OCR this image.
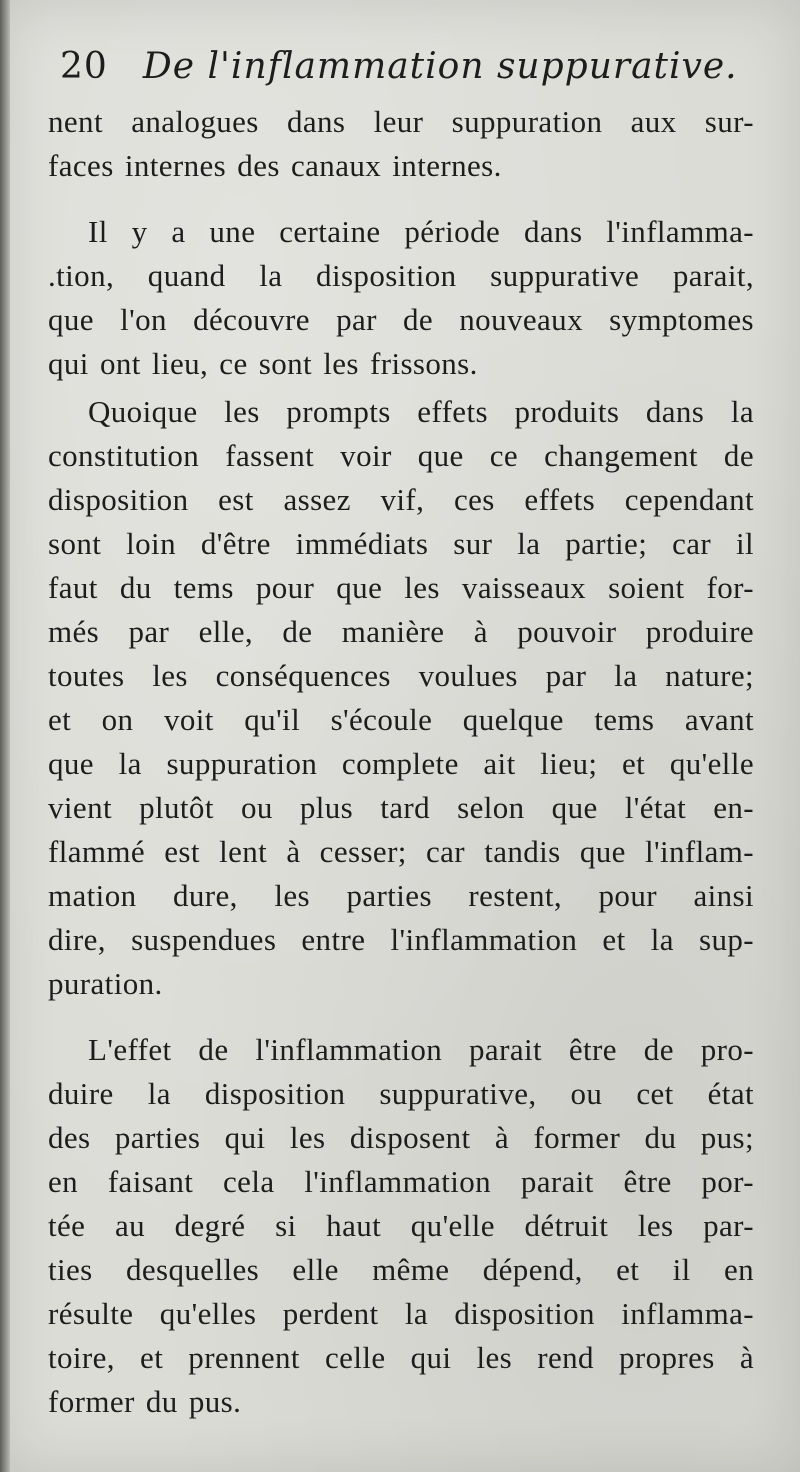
20 De l'inflammation suppurative.
nent analogues dans leur suppuration aux sur-
faces internes des canaux internes.
Il y a une certaine période dans l'inflamma-
.tion, quand la disposition suppurative parait,
que l'on découvre par de nouveaux symptomes
qui ont lieu, ce sont les frissons.
Quoique les prompts effets produits dans la
constitution fassent voir que ce changement de
disposition est assez vif, ces effets cependant
sont loin d'être immédiats sur la partie; car il
faut du tems pour que les vaisseaux soient for-
més par elle, de manière à pouvoir produire
toutes les conséquences voulues par la nature;
et on voit qu'il s'écoule quelque tems avant
que la suppuration complete ait lieu; et qu'elle
vient plutôt ou plus tard selon que l'état en-
flammé est lent à cesser; car tandis que l'inflam-
mation dure, les parties restent, pour ainsi
dire, suspendues entre l'inflammation et la sup-
puration.
L'effet de l'inflammation parait être de pro-
duire la disposition suppurative, ou cet état
des parties qui les disposent à former du pus;
en faisant cela l'inflammation parait être por-
tée au degré si haut qu'elle détruit les par-
ties desquelles elle même dépend, et il en
résulte qu'elles perdent la disposition inflamma-
toire, et prennent celle qui les rend propres à
former du pus.
